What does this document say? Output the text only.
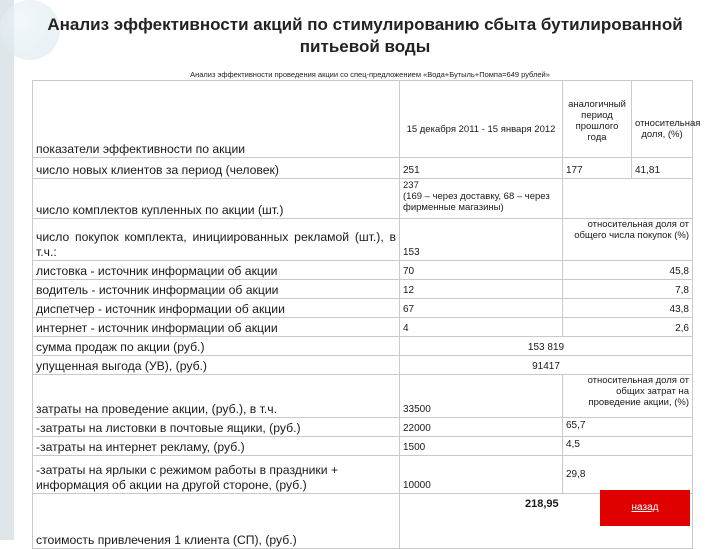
Анализ эффективности акций по стимулированию сбыта бутилированной питьевой воды
Анализ эффективности проведения акции со спец-предложением «Вода+Бутыль+Помпа=649 рублей»
показатели эффективности по акции	15 декабря 2011 - 15 января 2012	аналогичный период прошлого года	относительная доля, (%)
число новых клиентов за период (человек)	251	177	41,81
число комплектов купленных по акции (шт.)	237
(169 – через доставку, 68 – через фирменные магазины)		

число покупок комплекта, инициированных рекламой (шт.), в т.ч.:	153	относительная доля от общего числа покупок (%)	
листовка - источник информации об акции	70	45,8	
водитель - источник информации об акции	12	7,8	
диспетчер - источник информации об акции	67	43,8	
интернет - источник информации об акции	4	2,6	
сумма продаж по акции (руб.)	153 819		
упущенная выгода (УВ), (руб.)	91417		
затраты на проведение акции, (руб.), в т.ч.	33500	относительная доля от общих затрат на проведение акции, (%)	
-затраты на листовки в почтовые ящики, (руб.)	22000	65,7	
-затраты на интернет рекламу, (руб.)	1500	4,5	
-затраты на ярлыки с режимом работы в праздники + информация об акции на другой стороне, (руб.)	10000	29,8	
стоимость привлечения 1 клиента (СП), (руб.)	218,95			назад
